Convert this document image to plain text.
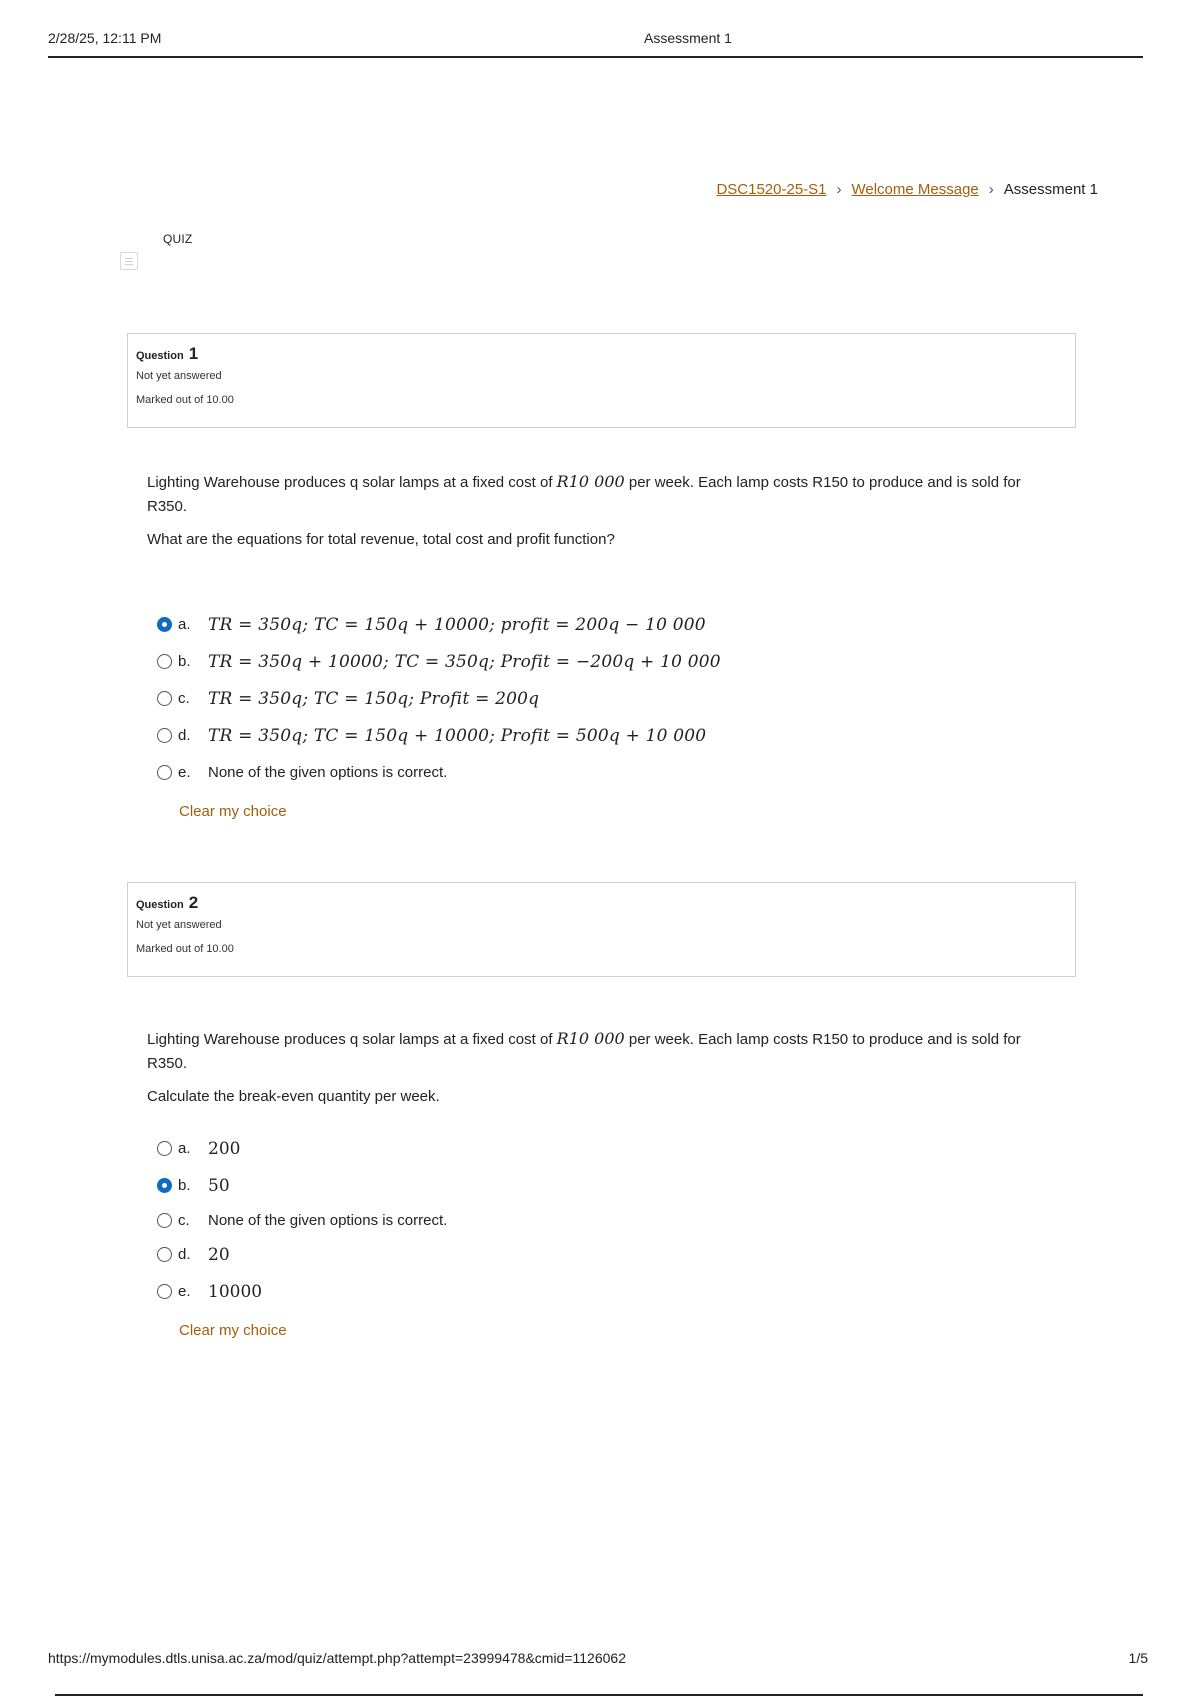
2/28/25, 12:11 PM	Assessment 1
DSC1520-25-S1 › Welcome Message › Assessment 1
QUIZ
Question 1
Not yet answered
Marked out of 10.00

Lighting Warehouse produces q solar lamps at a fixed cost of R10 000 per week. Each lamp costs R150 to produce and is sold for R350.

What are the equations for total revenue, total cost and profit function?

a.	TR = 350q; TC = 150q + 10000; profit = 200q − 10 000
b.	TR = 350q + 10000; TC = 350q; Profit = −200q + 10 000
c.	TR = 350q; TC = 150q; Profit = 200q
d.	TR = 350q; TC = 150q + 10000; Profit = 500q + 10 000
e.	None of the given options is correct.
Clear my choice
Question 2
Not yet answered
Marked out of 10.00

Lighting Warehouse produces q solar lamps at a fixed cost of R10 000 per week. Each lamp costs R150 to produce and is sold for R350.

Calculate the break-even quantity per week.

a.	200
b.	50
c.	None of the given options is correct.
d.	20
e.	10000
Clear my choice
https://mymodules.dtls.unisa.ac.za/mod/quiz/attempt.php?attempt=23999478&cmid=1126062	1/5
